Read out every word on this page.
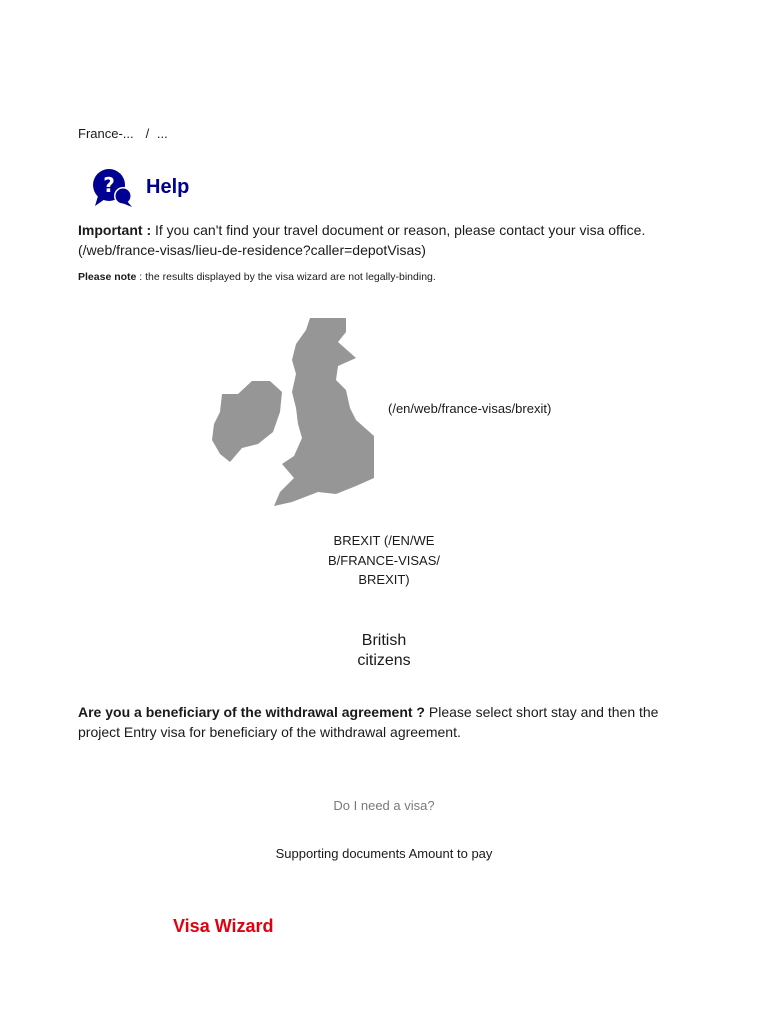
France-... / ...
? Help
Important : If you can't find your travel document or reason, please contact your visa office. (/web/france-visas/lieu-de-residence?caller=depotVisas)
Please note : the results displayed by the visa wizard are not legally-binding.
(/en/web/france-visas/brexit)
BREXIT (/EN/WEB/FRANCE-VISAS/BREXIT)
British citizens
Are you a beneficiary of the withdrawal agreement ? Please select short stay and then the project Entry visa for beneficiary of the withdrawal agreement.
Do I need a visa?
Supporting documents Amount to pay
Visa Wizard
